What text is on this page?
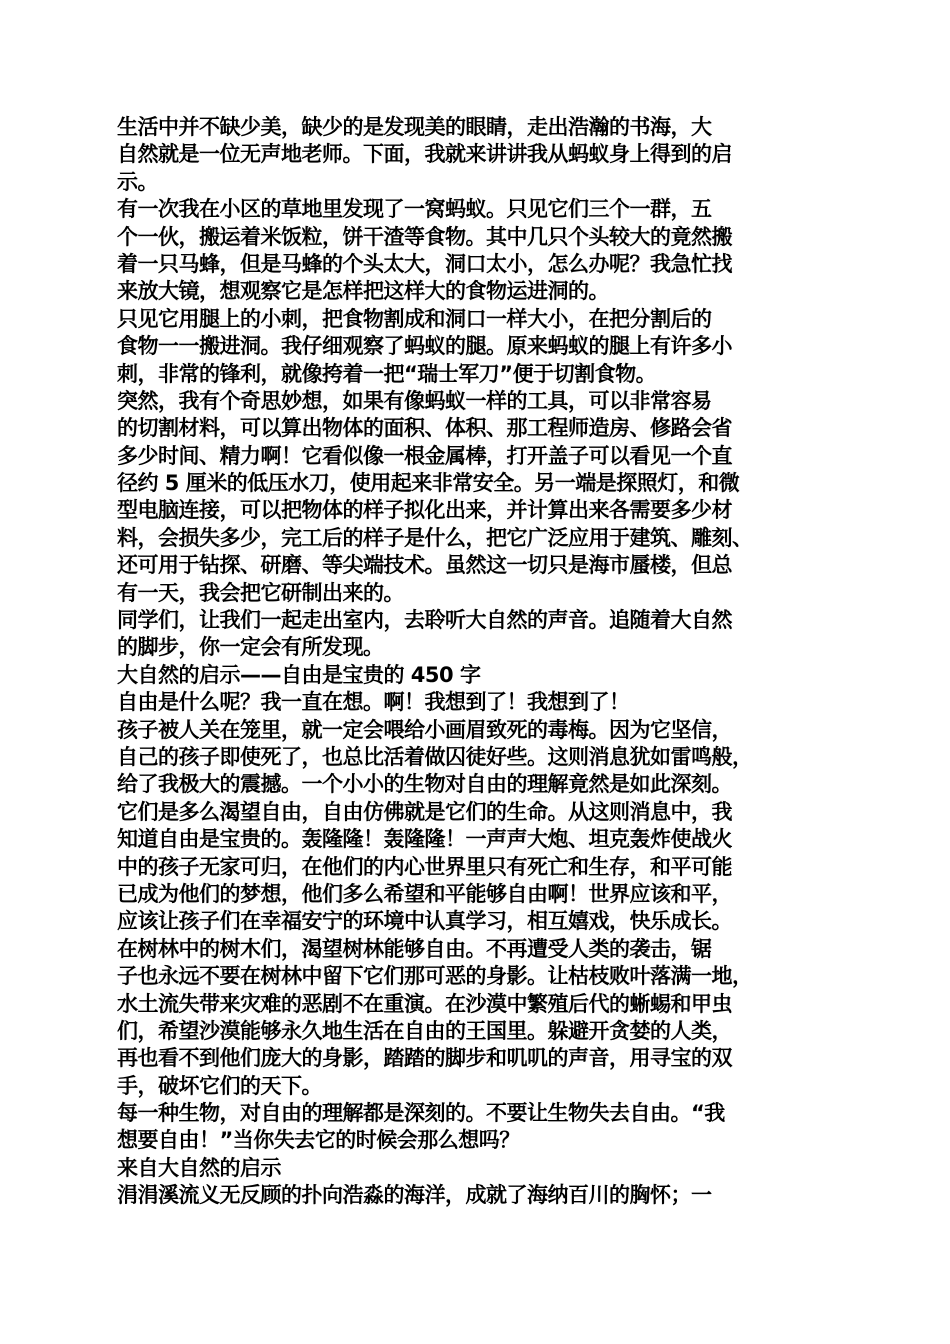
生活中并不缺少美，缺少的是发现美的眼睛，走出浩瀚的书海，大
自然就是一位无声地老师。下面，我就来讲讲我从蚂蚁身上得到的启
示。
有一次我在小区的草地里发现了一窝蚂蚁。只见它们三个一群，五
个一伙，搬运着米饭粒，饼干渣等食物。其中几只个头较大的竟然搬
着一只马蜂，但是马蜂的个头太大，洞口太小，怎么办呢？我急忙找
来放大镜，想观察它是怎样把这样大的食物运进洞的。
只见它用腿上的小刺，把食物割成和洞口一样大小，在把分割后的
食物一一搬进洞。我仔细观察了蚂蚁的腿。原来蚂蚁的腿上有许多小
刺，非常的锋利，就像挎着一把“瑞士军刀”便于切割食物。
突然，我有个奇思妙想，如果有像蚂蚁一样的工具，可以非常容易
的切割材料，可以算出物体的面积、体积、那工程师造房、修路会省
多少时间、精力啊！它看似像一根金属棒，打开盖子可以看见一个直
径约 5 厘米的低压水刀，使用起来非常安全。另一端是探照灯，和微
型电脑连接，可以把物体的样子拟化出来，并计算出来各需要多少材
料，会损失多少，完工后的样子是什么，把它广泛应用于建筑、雕刻、
还可用于钻探、研磨、等尖端技术。虽然这一切只是海市蜃楼，但总
有一天，我会把它研制出来的。
同学们，让我们一起走出室内，去聆听大自然的声音。追随着大自然
的脚步，你一定会有所发现。
大自然的启示——自由是宝贵的 450 字
自由是什么呢？我一直在想。啊！我想到了！我想到了！
孩子被人关在笼里，就一定会喂给小画眉致死的毒梅。因为它坚信，
自己的孩子即使死了，也总比活着做囚徒好些。这则消息犹如雷鸣般，
给了我极大的震撼。一个小小的生物对自由的理解竟然是如此深刻。
它们是多么渴望自由，自由仿佛就是它们的生命。从这则消息中，我
知道自由是宝贵的。轰隆隆！轰隆隆！一声声大炮、坦克轰炸使战火
中的孩子无家可归，在他们的内心世界里只有死亡和生存，和平可能
已成为他们的梦想，他们多么希望和平能够自由啊！世界应该和平，
应该让孩子们在幸福安宁的环境中认真学习，相互嬉戏，快乐成长。
在树林中的树木们，渴望树林能够自由。不再遭受人类的袭击，锯
子也永远不要在树林中留下它们那可恶的身影。让枯枝败叶落满一地，
水土流失带来灾难的恶剧不在重演。在沙漠中繁殖后代的蜥蜴和甲虫
们，希望沙漠能够永久地生活在自由的王国里。躲避开贪婪的人类，
再也看不到他们庞大的身影，踏踏的脚步和叽叽的声音，用寻宝的双
手，破坏它们的天下。
每一种生物，对自由的理解都是深刻的。不要让生物失去自由。“我
想要自由！”当你失去它的时候会那么想吗？
来自大自然的启示
涓涓溪流义无反顾的扑向浩淼的海洋，成就了海纳百川的胸怀；一
